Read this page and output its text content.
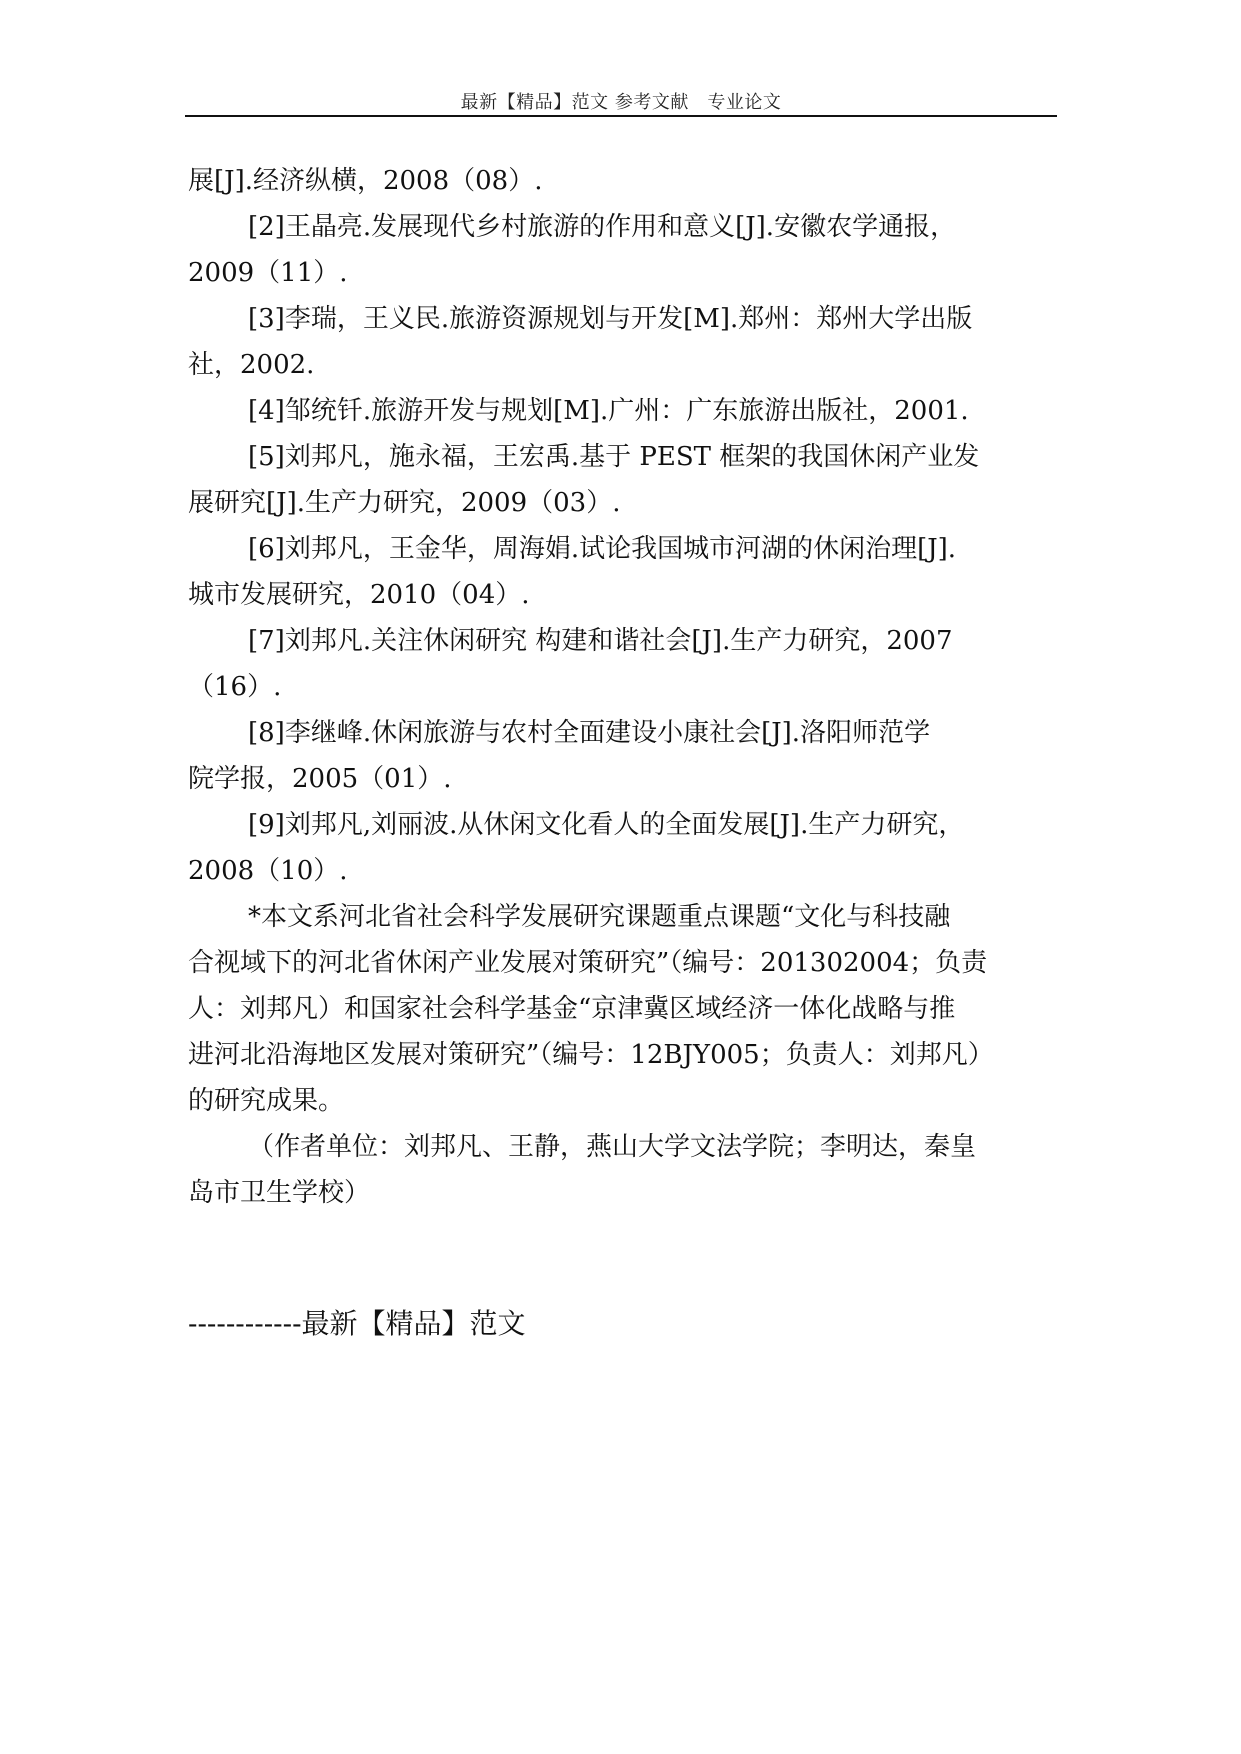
最新【精品】范文 参考文献　专业论文
展[J].经济纵横，2008（08）.
[2]王晶亮.发展现代乡村旅游的作用和意义[J].安徽农学通报，
2009（11）.
[3]李瑞，王义民.旅游资源规划与开发[M].郑州：郑州大学出版
社，2002.
[4]邹统钎.旅游开发与规划[M].广州：广东旅游出版社，2001.
[5]刘邦凡，施永福，王宏禹.基于 PEST 框架的我国休闲产业发
展研究[J].生产力研究，2009（03）.
[6]刘邦凡，王金华，周海娟.试论我国城市河湖的休闲治理[J].
城市发展研究，2010（04）.
[7]刘邦凡.关注休闲研究 构建和谐社会[J].生产力研究，2007
（16）.
[8]李继峰.休闲旅游与农村全面建设小康社会[J].洛阳师范学
院学报，2005（01）.
[9]刘邦凡,刘丽波.从休闲文化看人的全面发展[J].生产力研究，
2008（10）.
*本文系河北省社会科学发展研究课题重点课题“文化与科技融
合视域下的河北省休闲产业发展对策研究”（编号：201302004；负责
人：刘邦凡）和国家社会科学基金“京津冀区域经济一体化战略与推
进河北沿海地区发展对策研究”（编号：12BJY005；负责人：刘邦凡）
的研究成果。
（作者单位：刘邦凡、王静，燕山大学文法学院；李明达，秦皇
岛市卫生学校）
------------最新【精品】范文
